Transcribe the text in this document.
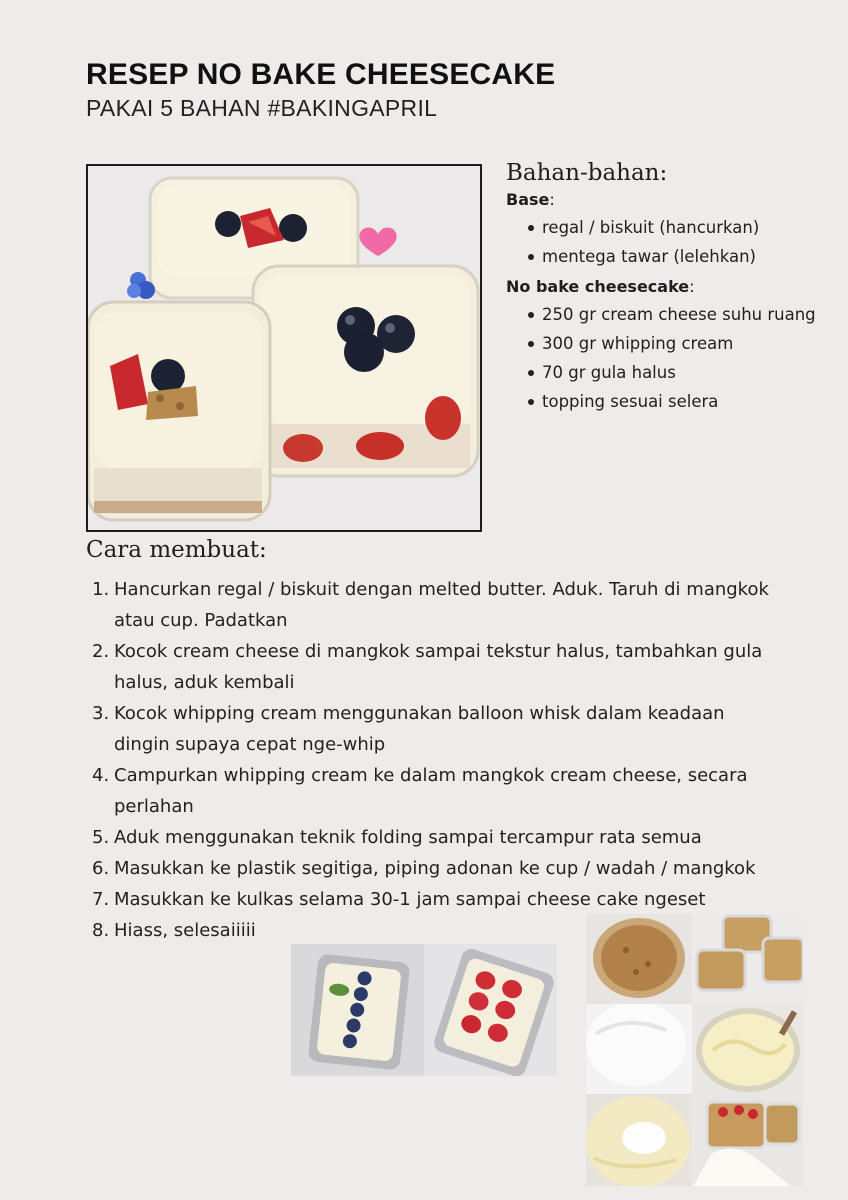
RESEP NO BAKE CHEESECAKE
PAKAI 5 BAHAN #BAKINGAPRIL
Bahan-bahan:
Base:
regal / biskuit (hancurkan)
mentega tawar (lelehkan)
No bake cheesecake:
250 gr cream cheese suhu ruang
300 gr whipping cream
70 gr gula halus
topping sesuai selera
Cara membuat:
1. Hancurkan regal / biskuit dengan melted butter. Aduk. Taruh di mangkok
atau cup. Padatkan
2. Kocok cream cheese di mangkok sampai tekstur halus, tambahkan gula
halus, aduk kembali
3. Kocok whipping cream menggunakan balloon whisk dalam keadaan
dingin supaya cepat nge-whip
4. Campurkan whipping cream ke dalam mangkok cream cheese, secara
perlahan
5. Aduk menggunakan teknik folding sampai tercampur rata semua
6. Masukkan ke plastik segitiga, piping adonan ke cup / wadah / mangkok
7. Masukkan ke kulkas selama 30-1 jam sampai cheese cake ngeset
8. Hiass, selesaiiiii
